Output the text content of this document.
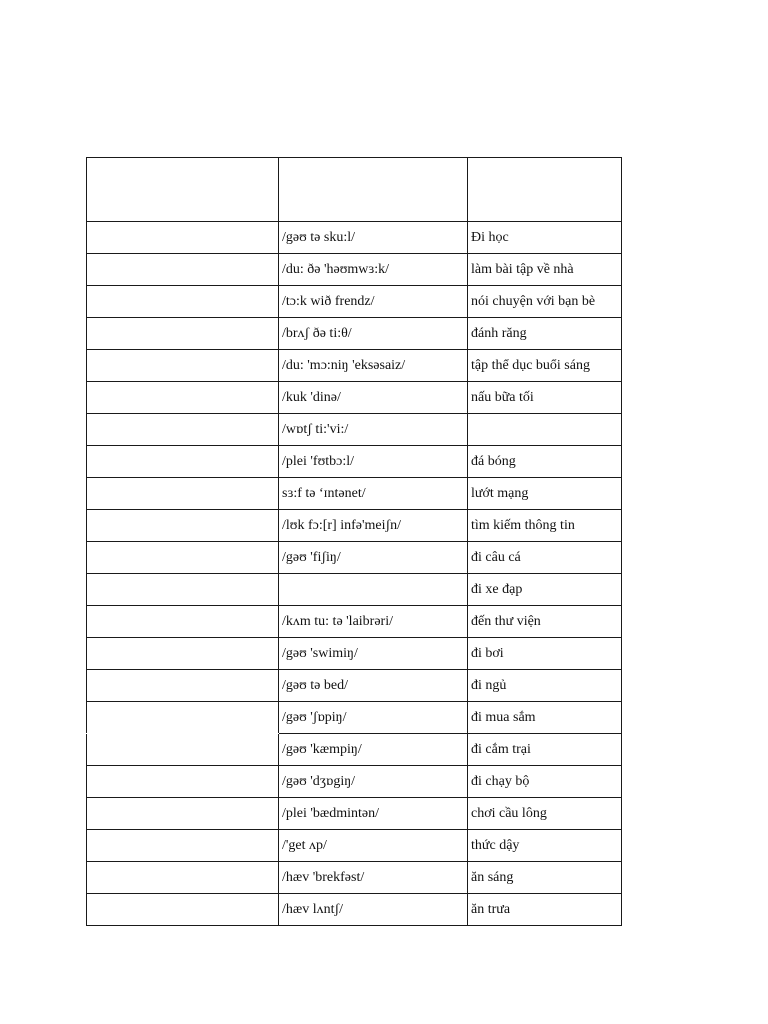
	/gəʊ tə sku:l/	Đi học
	/du: ðə 'həʊmwɜ:k/	làm bài tập về nhà
	/tɔ:k wið frendz/	nói chuyện với bạn bè
	/brʌʃ ðə ti:θ/	đánh răng
	/du: 'mɔ:niŋ 'eksəsaiz/	tập thể dục buổi sáng
	/kuk 'dinə/	nấu bữa tối
	/wɒtʃ ti:'vi:/	
	/plei 'fʊtbɔ:l/	đá bóng
	sɜ:f tə ‘ɪntənet/	lướt mạng
	/lʊk fɔ:[r] infə'meiʃn/	tìm kiếm thông tin
	/gəʊ 'fiʃiŋ/	đi câu cá
		đi xe đạp
	/kʌm tu: tə 'laibrəri/	đến thư viện
	/gəʊ 'swimiŋ/	đi bơi
	/gəʊ tə bed/	đi ngủ
	/gəʊ 'ʃɒpiŋ/	đi mua sắm
	/gəʊ 'kæmpiŋ/	đi cắm trại
	/gəʊ 'dʒɒgiŋ/	đi chạy bộ
	/plei 'bædmintən/	chơi cầu lông
	/'get ʌp/	thức dậy
	/hæv 'brekfəst/	ăn sáng
	/hæv lʌntʃ/	ăn trưa
